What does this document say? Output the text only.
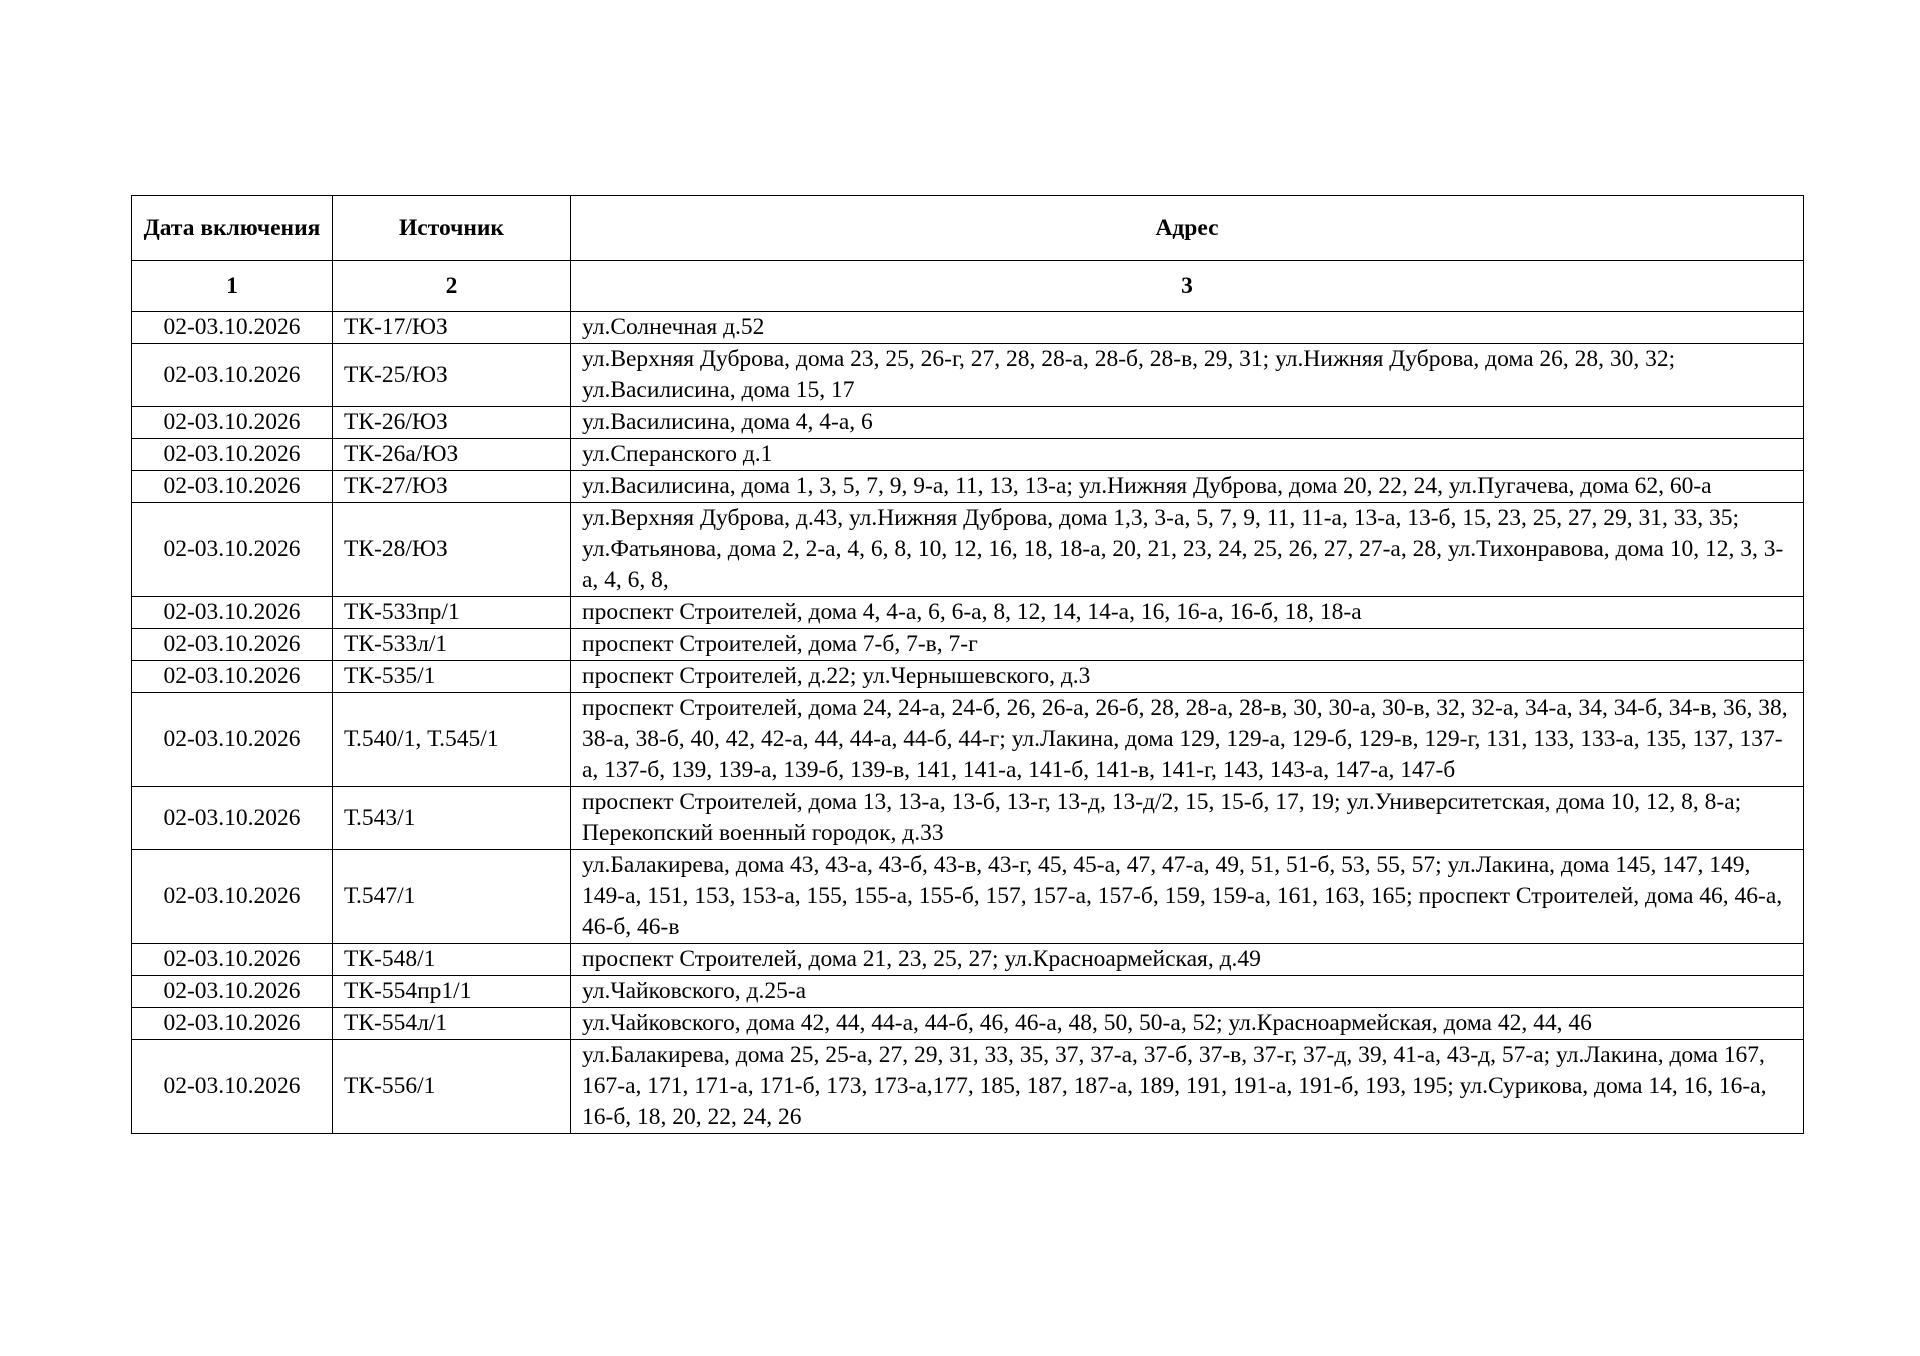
Дата включения	Источник	Адрес
1	2	3
02-03.10.2026	ТК-17/ЮЗ	ул.Солнечная д.52
02-03.10.2026	ТК-25/ЮЗ	ул.Верхняя Дуброва, дома 23, 25, 26-г, 27, 28, 28-а, 28-б, 28-в, 29, 31; ул.Нижняя Дуброва, дома 26, 28, 30, 32; ул.Василисина, дома 15, 17
02-03.10.2026	ТК-26/ЮЗ	ул.Василисина, дома 4, 4-а, 6
02-03.10.2026	ТК-26а/ЮЗ	ул.Сперанского д.1
02-03.10.2026	ТК-27/ЮЗ	ул.Василисина, дома 1, 3, 5, 7, 9, 9-а, 11, 13, 13-а; ул.Нижняя Дуброва, дома 20, 22, 24, ул.Пугачева, дома 62, 60-а
02-03.10.2026	ТК-28/ЮЗ	ул.Верхняя Дуброва, д.43, ул.Нижняя Дуброва, дома 1,3, 3-а, 5, 7, 9, 11, 11-а, 13-а, 13-б, 15, 23, 25, 27, 29, 31, 33, 35; ул.Фатьянова, дома 2, 2-а, 4, 6, 8, 10, 12, 16, 18, 18-а, 20, 21, 23, 24, 25, 26, 27, 27-а, 28, ул.Тихонравова, дома 10, 12, 3, 3-а, 4, 6, 8,
02-03.10.2026	ТК-533пр/1	проспект Строителей, дома 4, 4-а, 6, 6-а, 8, 12, 14, 14-а, 16, 16-а, 16-б, 18, 18-а
02-03.10.2026	ТК-533л/1	проспект Строителей, дома 7-б, 7-в, 7-г
02-03.10.2026	ТК-535/1	проспект Строителей, д.22; ул.Чернышевского, д.3
02-03.10.2026	Т.540/1, Т.545/1	проспект Строителей, дома 24, 24-а, 24-б, 26, 26-а, 26-б, 28, 28-а, 28-в, 30, 30-а, 30-в, 32, 32-а, 34-а, 34, 34-б, 34-в, 36, 38, 38-а, 38-б, 40, 42, 42-а, 44, 44-а, 44-б, 44-г; ул.Лакина, дома 129, 129-а, 129-б, 129-в, 129-г, 131, 133, 133-а, 135, 137, 137-а, 137-б, 139, 139-а, 139-б, 139-в, 141, 141-а, 141-б, 141-в, 141-г, 143, 143-а, 147-а, 147-б
02-03.10.2026	Т.543/1	проспект Строителей, дома 13, 13-а, 13-б, 13-г, 13-д, 13-д/2, 15, 15-б, 17, 19; ул.Университетская, дома 10, 12, 8, 8-а; Перекопский военный городок, д.33
02-03.10.2026	Т.547/1	ул.Балакирева, дома 43, 43-а, 43-б, 43-в, 43-г, 45, 45-а, 47, 47-а, 49, 51, 51-б, 53, 55, 57; ул.Лакина, дома 145, 147, 149, 149-а, 151, 153, 153-а, 155, 155-а, 155-б, 157, 157-а, 157-б, 159, 159-а, 161, 163, 165; проспект Строителей, дома 46, 46-а, 46-б, 46-в
02-03.10.2026	ТК-548/1	проспект Строителей, дома 21, 23, 25, 27; ул.Красноармейская, д.49
02-03.10.2026	ТК-554пр1/1	ул.Чайковского, д.25-а
02-03.10.2026	ТК-554л/1	ул.Чайковского, дома 42, 44, 44-а, 44-б, 46, 46-а, 48, 50, 50-а, 52; ул.Красноармейская, дома 42, 44, 46
02-03.10.2026	ТК-556/1	ул.Балакирева, дома 25, 25-а, 27, 29, 31, 33, 35, 37, 37-а, 37-б, 37-в, 37-г, 37-д, 39, 41-а, 43-д, 57-а; ул.Лакина, дома 167, 167-а, 171, 171-а, 171-б, 173, 173-а,177, 185, 187, 187-а, 189, 191, 191-а, 191-б, 193, 195; ул.Сурикова, дома 14, 16, 16-а, 16-б, 18, 20, 22, 24, 26
